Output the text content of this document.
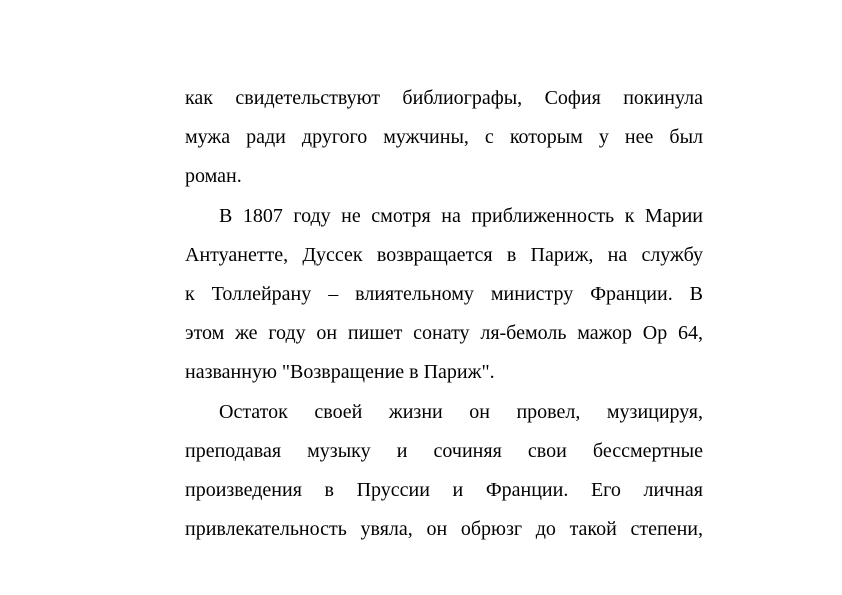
как свидетельствуют библиографы, София покинула
мужа ради другого мужчины, с которым у нее был
роман.
В 1807 году не смотря на приближенность к Марии
Антуанетте, Дуссек возвращается в Париж, на службу
к Толлейрану – влиятельному министру Франции. В
этом же году он пишет сонату ля-бемоль мажор Ор 64,
названную "Возвращение в Париж".
Остаток своей жизни он провел, музицируя,
преподавая музыку и сочиняя свои бессмертные
произведения в Пруссии и Франции. Его личная
привлекательность увяла, он обрюзг до такой степени,
